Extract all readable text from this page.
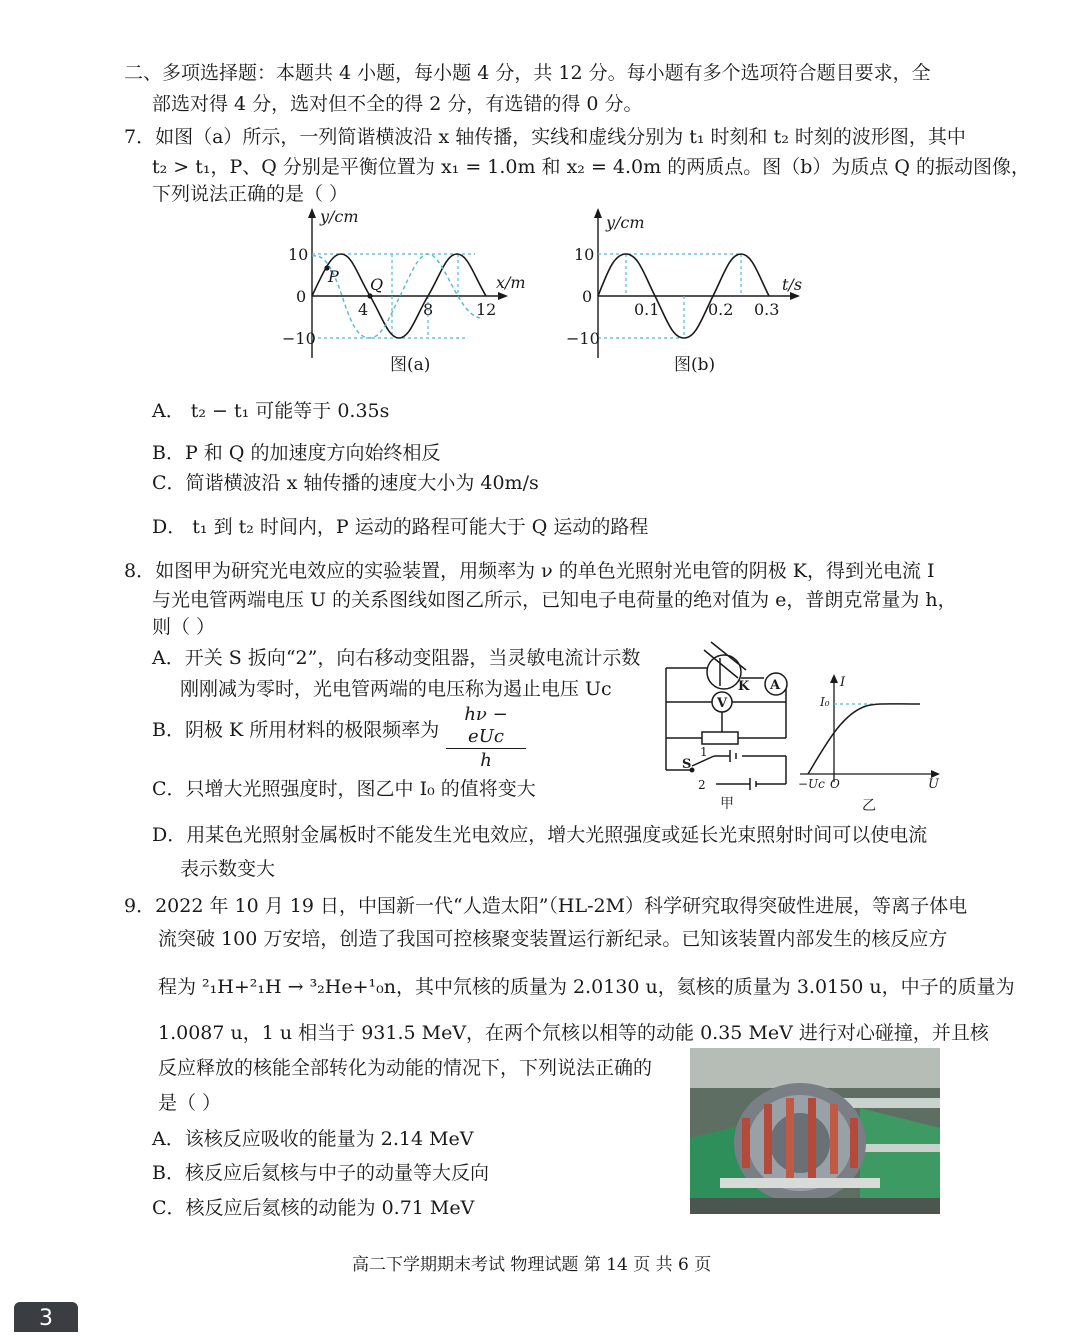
二、多项选择题：本题共 4 小题，每小题 4 分，共 12 分。每小题有多个选项符合题目要求，全
部选对得 4 分，选对但不全的得 2 分，有选错的得 0 分。
7．如图（a）所示，一列简谐横波沿 x 轴传播，实线和虚线分别为 t₁ 时刻和 t₂ 时刻的波形图，其中
t₂ > t₁，P、Q 分别是平衡位置为 x₁ = 1.0m 和 x₂ = 4.0m 的两质点。图（b）为质点 Q 的振动图像，
下列说法正确的是（ ）
y/cm
x/m
10
0
−10
4	8	12
P Q
图(a)
y/cm
t/s
10
0
−10
0.1	0.2 0.3
图(b)
A． t₂ − t₁ 可能等于 0.35s
B．P 和 Q 的加速度方向始终相反
C．简谐横波沿 x 轴传播的速度大小为 40m/s
D． t₁ 到 t₂ 时间内，P 运动的路程可能大于 Q 运动的路程
8．如图甲为研究光电效应的实验装置，用频率为 ν 的单色光照射光电管的阴极 K，得到光电流 I
与光电管两端电压 U 的关系图线如图乙所示，已知电子电荷量的绝对值为 e，普朗克常量为 h，
则（ ）
A．开关 S 扳向“2”，向右移动变阻器，当灵敏电流计示数
刚刚减为零时，光电管两端的电压称为遏止电压 Uc
B．阴极 K 所用材料的极限频率为
hν − eUc
h
C．只增大光照强度时，图乙中 I₀ 的值将变大
D．用某色光照射金属板时不能发生光电效应，增大光照强度或延长光束照射时间可以使电流
表示数变大
K A
V
1
S
2
甲
I
I₀
−Uc O	U
乙
9．2022 年 10 月 19 日，中国新一代“人造太阳”（HL-2M）科学研究取得突破性进展，等离子体电
流突破 100 万安培，创造了我国可控核聚变装置运行新纪录。已知该装置内部发生的核反应方
程为 ²₁H+²₁H → ³₂He+¹₀n，其中氘核的质量为 2.0130 u，氦核的质量为 3.0150 u，中子的质量为
1.0087 u，1 u 相当于 931.5 MeV，在两个氘核以相等的动能 0.35 MeV 进行对心碰撞，并且核
反应释放的核能全部转化为动能的情况下，下列说法正确的
是（ ）
A．该核反应吸收的能量为 2.14 MeV
B．核反应后氦核与中子的动量等大反向
C．核反应后氦核的动能为 0.71 MeV
高二下学期期末考试 物理试题 第 14 页 共 6 页
3
